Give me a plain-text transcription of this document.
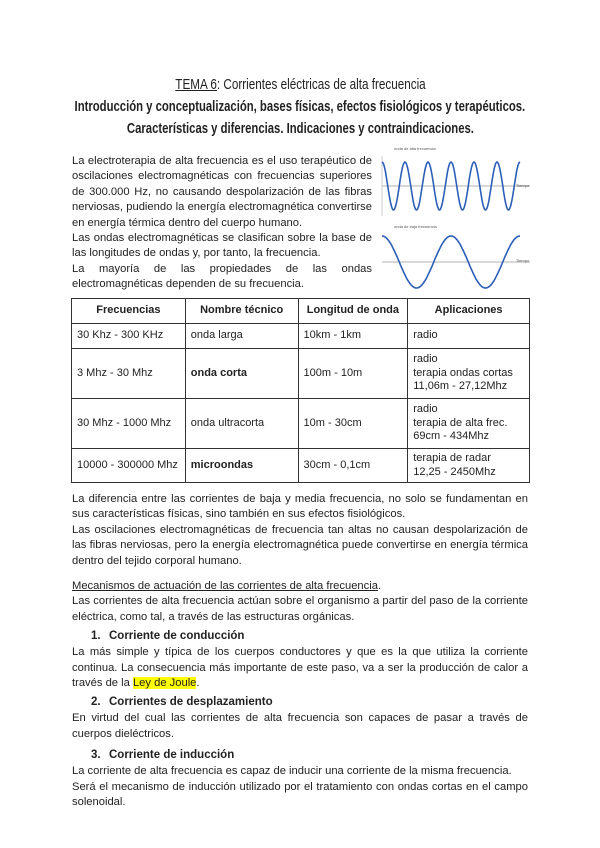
TEMA 6: Corrientes eléctricas de alta frecuencia
Introducción y conceptualización, bases físicas, efectos fisiológicos y terapéuticos.
Características y diferencias. Indicaciones y contraindicaciones.

La electroterapia de alta frecuencia es el uso terapéutico de oscilaciones electromagnéticas con frecuencias superiores de 300.000 Hz, no causando despolarización de las fibras nerviosas, pudiendo la energía electromagnética convertirse en energía térmica dentro del cuerpo humano.

Las ondas electromagnéticas se clasifican sobre la base de las longitudes de ondas y, por tanto, la frecuencia.

La mayoría de las propiedades de las ondas electromagnéticas dependen de su frecuencia.

onda de alta frecuencia
Tiempo
onda de baja frecuencia
Tiempo
Frecuencias	Nombre técnico	Longitud de onda	Aplicaciones
30 Khz - 300 KHz	onda larga	10km - 1km	radio

3 Mhz - 30 Mhz	onda corta	100m - 10m	radio
terapia ondas cortas
11,06m - 27,12Mhz

30 Mhz - 1000 Mhz	onda ultracorta	10m - 30cm	radio
terapia de alta frec.
69cm - 434Mhz

10000 - 300000 Mhz	microondas	30cm - 0,1cm	terapia de radar
12,25 - 2450Mhz

La diferencia entre las corrientes de baja y media frecuencia, no solo se fundamentan en sus características físicas, sino también en sus efectos fisiológicos.

Las oscilaciones electromagnéticas de frecuencia tan altas no causan despolarización de las fibras nerviosas, pero la energía electromagnética puede convertirse en energía térmica dentro del tejido corporal humano.

Mecanismos de actuación de las corrientes de alta frecuencia.
Las corrientes de alta frecuencia actúan sobre el organismo a partir del paso de la corriente eléctrica, como tal, a través de las estructuras orgánicas.

1. Corriente de conducción

La más simple y típica de los cuerpos conductores y que es la que utiliza la corriente continua. La consecuencia más importante de este paso, va a ser la producción de calor a través de la Ley de Joule.

2. Corrientes de desplazamiento

En virtud del cual las corrientes de alta frecuencia son capaces de pasar a través de cuerpos dieléctricos.

3. Corriente de inducción

La corriente de alta frecuencia es capaz de inducir una corriente de la misma frecuencia.

Será el mecanismo de inducción utilizado por el tratamiento con ondas cortas en el campo solenoidal.
